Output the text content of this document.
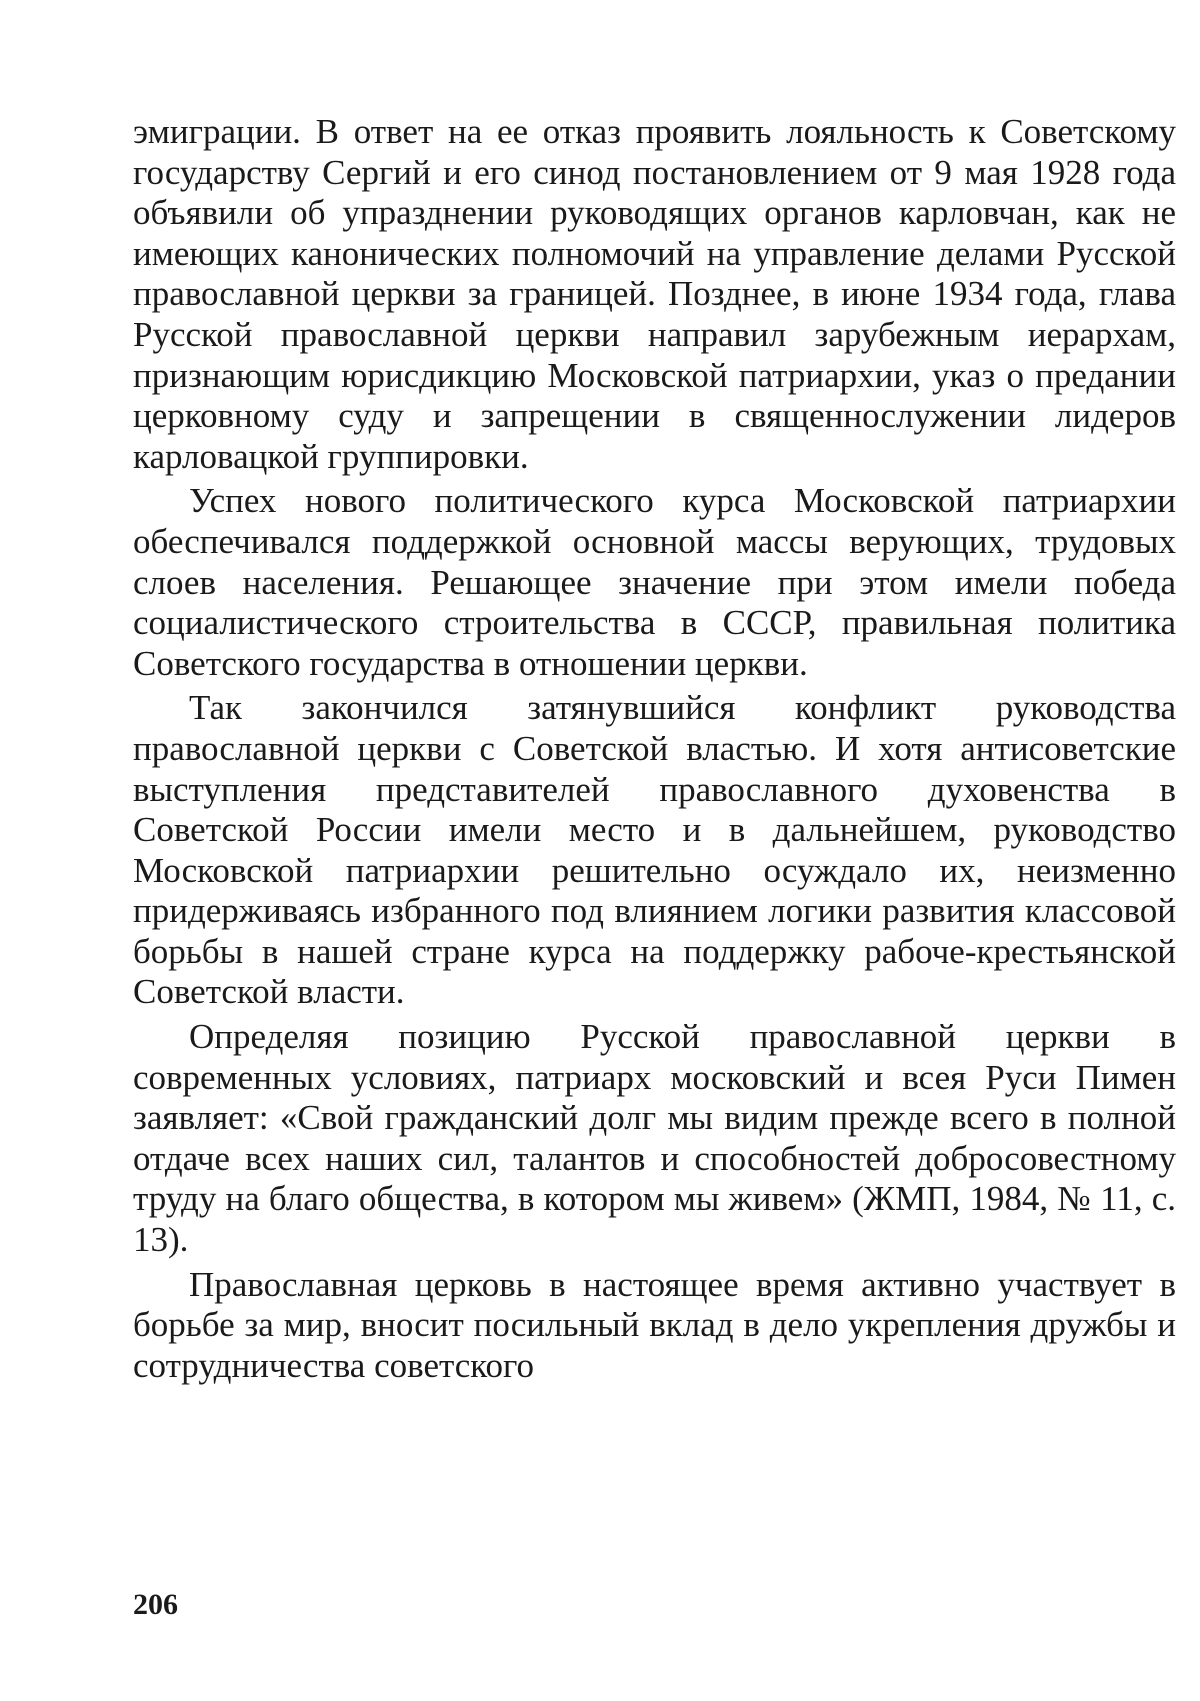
эмиграции. В ответ на ее отказ проявить лояльность к Советскому государству Сергий и его синод постановлением от 9 мая 1928 года объявили об упразднении руководящих органов карловчан, как не имеющих канонических полномочий на управление делами Русской православной церкви за границей. Позднее, в июне 1934 года, глава Русской православной церкви направил зарубежным иерархам, признающим юрисдикцию Московской патриархии, указ о предании церковному суду и запрещении в священнослужении лидеров карловацкой группировки.

Успех нового политического курса Московской патриархии обеспечивался поддержкой основной массы верующих, трудовых слоев населения. Решающее значение при этом имели победа социалистического строительства в СССР, правильная политика Советского государства в отношении церкви.

Так закончился затянувшийся конфликт руководства православной церкви с Советской властью. И хотя антисоветские выступления представителей православного духовенства в Советской России имели место и в дальнейшем, руководство Московской патриархии решительно осуждало их, неизменно придерживаясь избранного под влиянием логики развития классовой борьбы в нашей стране курса на поддержку рабоче-крестьянской Советской власти.

Определяя позицию Русской православной церкви в современных условиях, патриарх московский и всея Руси Пимен заявляет: «Свой гражданский долг мы видим прежде всего в полной отдаче всех наших сил, талантов и способностей добросовестному труду на благо общества, в котором мы живем» (ЖМП, 1984, № 11, с. 13).

Православная церковь в настоящее время активно участвует в борьбе за мир, вносит посильный вклад в дело укрепления дружбы и сотрудничества советского

206
